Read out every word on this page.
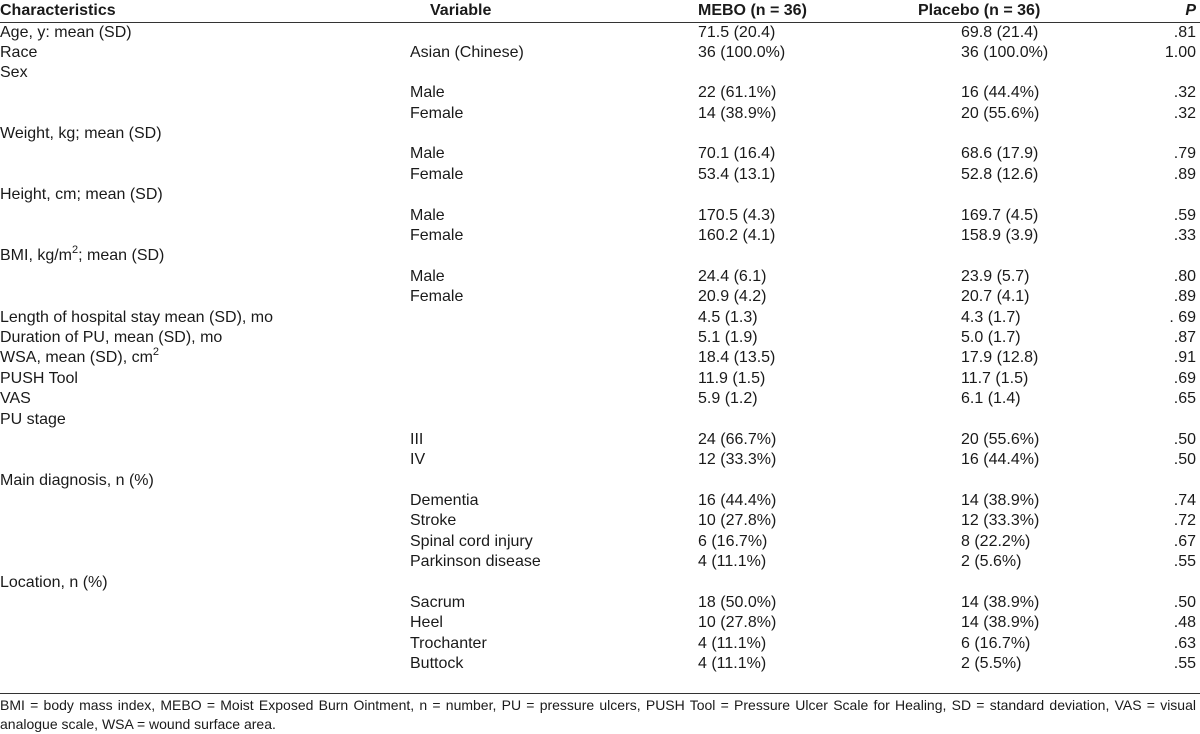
Characteristics	Variable	MEBO (n = 36)	Placebo (n = 36)	P
Age, y: mean (SD)		71.5 (20.4)	69.8 (21.4)	.81
Race	Asian (Chinese)	36 (100.0%)	36 (100.0%)	1.00
Sex				
	Male	22 (61.1%)	16 (44.4%)	.32
	Female	14 (38.9%)	20 (55.6%)	.32
Weight, kg; mean (SD)				
	Male	70.1 (16.4)	68.6 (17.9)	.79
	Female	53.4 (13.1)	52.8 (12.6)	.89
Height, cm; mean (SD)				
	Male	170.5 (4.3)	169.7 (4.5)	.59
	Female	160.2 (4.1)	158.9 (3.9)	.33
BMI, $kg/m^2$; mean (SD)				
	Male	24.4 (6.1)	23.9 (5.7)	.80
	Female	20.9 (4.2)	20.7 (4.1)	.89
Length of hospital stay mean (SD), mo		4.5 (1.3)	4.3 (1.7)	. 69
Duration of PU, mean (SD), mo		5.1 (1.9)	5.0 (1.7)	.87
WSA, mean (SD), $cm^2$		18.4 (13.5)	17.9 (12.8)	.91
PUSH Tool		11.9 (1.5)	11.7 (1.5)	.69
VAS		5.9 (1.2)	6.1 (1.4)	.65
PU stage				
	III	24 (66.7%)	20 (55.6%)	.50
	IV	12 (33.3%)	16 (44.4%)	.50
Main diagnosis, n (%)				
	Dementia	16 (44.4%)	14 (38.9%)	.74
	Stroke	10 (27.8%)	12 (33.3%)	.72
	Spinal cord injury	6 (16.7%)	8 (22.2%)	.67
	Parkinson disease	4 (11.1%)	2 (5.6%)	.55
Location, n (%)				
	Sacrum	18 (50.0%)	14 (38.9%)	.50
	Heel	10 (27.8%)	14 (38.9%)	.48
	Trochanter	4 (11.1%)	6 (16.7%)	.63
	Buttock	4 (11.1%)	2 (5.5%)	.55
BMI = body mass index, MEBO = Moist Exposed Burn Ointment, n = number, PU = pressure ulcers, PUSH Tool = Pressure Ulcer Scale for Healing, SD = standard deviation, VAS = visual analogue scale, WSA = wound surface area.
